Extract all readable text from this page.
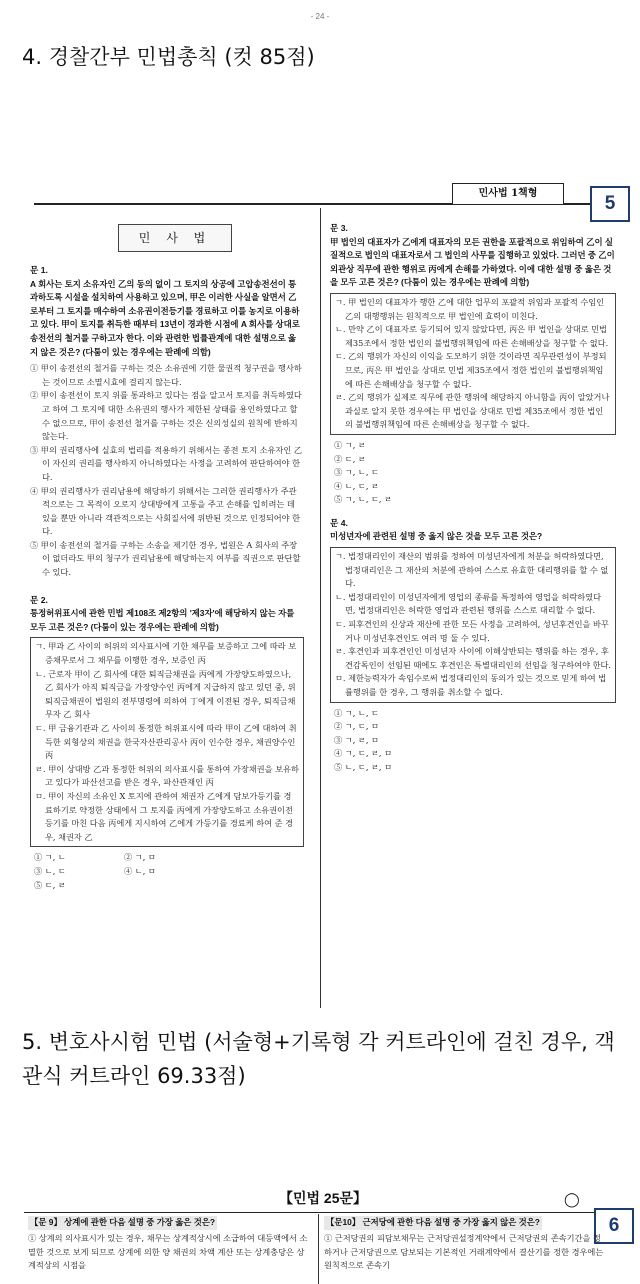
- 24 -
4. 경찰간부 민법총칙 (컷 85점)
민사법 1책형	5
민 사 법
문 1.
A 회사는 토지 소유자인 乙의 동의 없이 그 토지의 상공에 고압송전선이 통과하도록 시설을 설치하여 사용하고 있으며, 甲은 이러한 사실을 알면서 乙로부터 그 토지를 매수하여 소유권이전등기를 경료하고 이를 농지로 이용하고 있다. 甲이 토지를 취득한 때부터 13년이 경과한 시점에 A 회사를 상대로 송전선의 철거를 구하고자 한다. 이와 관련한 법률관계에 대한 설명으로 옳지 않은 것은? (다툼이 있는 경우에는 판례에 의함)
① 甲이 송전선의 철거를 구하는 것은 소유권에 기한 물권적 청구권을 행사하는 것이므로 소멸시효에 걸리지 않는다.
② 甲이 송전선이 토지 위를 통과하고 있다는 점을 알고서 토지를 취득하였다고 하여 그 토지에 대한 소유권의 행사가 제한된 상태를 용인하였다고 할 수 없으므로, 甲이 송전선 철거를 구하는 것은 신의성실의 원칙에 반하지 않는다.
③ 甲의 권리행사에 실효의 법리를 적용하기 위해서는 종전 토지 소유자인 乙이 자신의 권리를 행사하지 아니하였다는 사정을 고려하여 판단하여야 한다.
④ 甲의 권리행사가 권리남용에 해당하기 위해서는 그러한 권리행사가 주관적으로는 그 목적이 오로지 상대방에게 고통을 주고 손해를 입히려는 데 있을 뿐만 아니라 객관적으로는 사회질서에 위반된 것으로 인정되어야 한다.
⑤ 甲이 송전선의 철거를 구하는 소송을 제기한 경우, 법원은 A 회사의 주장이 없더라도 甲의 청구가 권리남용에 해당하는지 여부를 직권으로 판단할 수 있다.
문 2.
통정허위표시에 관한 민법 제108조 제2항의 '제3자'에 해당하지 않는 자를 모두 고른 것은? (다툼이 있는 경우에는 판례에 의함)
ㄱ. 甲과 乙 사이의 허위의 의사표시에 기한 채무를 보증하고 그에 따라 보증채무로서 그 채무를 이행한 경우, 보증인 丙
ㄴ. 근로자 甲이 乙 회사에 대한 퇴직금채권을 丙에게 가장양도하였으나, 乙 회사가 아직 퇴직금을 가장양수인 丙에게 지급하지 않고 있던 중, 위 퇴직금채권이 법원의 전부명령에 의하여 丁에게 이전된 경우, 퇴직금채무자 乙 회사
ㄷ. 甲 금융기관과 乙 사이의 통정한 허위표시에 따라 甲이 乙에 대하여 취득한 외형상의 채권을 한국자산관리공사 丙이 인수한 경우, 채권양수인 丙
ㄹ. 甲이 상대방 乙과 통정한 허위의 의사표시를 통하여 가장채권을 보유하고 있다가 파산선고를 받은 경우, 파산관재인 丙
ㅁ. 甲이 자신의 소유인 X 토지에 관하여 채권자 乙에게 담보가등기를 경료하기로 약정한 상태에서 그 토지를 丙에게 가장양도하고 소유권이전등기를 마친 다음 丙에게 지시하여 乙에게 가등기를 경료케 하여 준 경우, 채권자 乙
① ㄱ, ㄴ	② ㄱ, ㅁ
③ ㄴ, ㄷ	④ ㄴ, ㅁ
⑤ ㄷ, ㄹ
문 3.
甲 법인의 대표자가 乙에게 대표자의 모든 권한을 포괄적으로 위임하여 乙이 실질적으로 법인의 대표자로서 그 법인의 사무를 집행하고 있었다. 그러던 중 乙이 외관상 직무에 관한 행위로 丙에게 손해를 가하였다. 이에 대한 설명 중 옳은 것을 모두 고른 것은? (다툼이 있는 경우에는 판례에 의함)
ㄱ. 甲 법인의 대표자가 행한 乙에 대한 업무의 포괄적 위임과 포괄적 수임인 乙의 대행행위는 원칙적으로 甲 법인에 효력이 미친다.
ㄴ. 만약 乙이 대표자로 등기되어 있지 않았다면, 丙은 甲 법인을 상대로 민법 제35조에서 정한 법인의 불법행위책임에 따른 손해배상을 청구할 수 없다.
ㄷ. 乙의 행위가 자신의 이익을 도모하기 위한 것이라면 직무관련성이 부정되므로, 丙은 甲 법인을 상대로 민법 제35조에서 정한 법인의 불법행위책임에 따른 손해배상을 청구할 수 없다.
ㄹ. 乙의 행위가 실제로 직무에 관한 행위에 해당하지 아니함을 丙이 알았거나 과실로 알지 못한 경우에는 甲 법인을 상대로 민법 제35조에서 정한 법인의 불법행위책임에 따른 손해배상을 청구할 수 없다.
① ㄱ, ㄹ
② ㄷ, ㄹ
③ ㄱ, ㄴ, ㄷ
④ ㄴ, ㄷ, ㄹ
⑤ ㄱ, ㄴ, ㄷ, ㄹ
문 4.
미성년자에 관련된 설명 중 옳지 않은 것을 모두 고른 것은?
ㄱ. 법정대리인이 재산의 범위를 정하여 미성년자에게 처분을 허락하였다면, 법정대리인은 그 재산의 처분에 관하여 스스로 유효한 대리행위를 할 수 없다.
ㄴ. 법정대리인이 미성년자에게 영업의 종류를 특정하여 영업을 허락하였다면, 법정대리인은 허락한 영업과 관련된 행위를 스스로 대리할 수 없다.
ㄷ. 피후견인의 신상과 재산에 관한 모든 사정을 고려하여, 성년후견인을 바꾸거나 미성년후견인도 여러 명 둘 수 있다.
ㄹ. 후견인과 피후견인인 미성년자 사이에 이해상반되는 행위를 하는 경우, 후견감독인이 선임된 때에도 후견인은 특별대리인의 선임을 청구하여야 한다.
ㅁ. 제한능력자가 속임수로써 법정대리인의 동의가 있는 것으로 믿게 하여 법률행위를 한 경우, 그 행위를 취소할 수 없다.
① ㄱ, ㄴ, ㄷ
② ㄱ, ㄷ, ㅁ
③ ㄱ, ㄹ, ㅁ
④ ㄱ, ㄷ, ㄹ, ㅁ
⑤ ㄴ, ㄷ, ㄹ, ㅁ
5. 변호사시험 민법 (서술형+기록형 각 커트라인에 걸친 경우, 객관식 커트라인 69.33점)
【민법 25문】	◯
6
【문 9】 상계에 관한 다음 설명 중 가장 옳은 것은?	【문10】 근저당에 관한 다음 설명 중 가장 옳지 않은 것은?
① 상계의 의사표시가 있는 경우, 채무는 상계적상시에 소급하여 대등액에서 소멸한 것으로 보게 되므로 상계에 의한 양 채권의 차액 계산 또는 상계충당은 상계적상의 시점을
① 근저당권의 피담보채무는 근저당권설정계약에서 근저당권의 존속기간을 정하거나 근저당권으로 담보되는 기본적인 거래계약에서 결산기를 정한 경우에는 원칙적으로 존속기
